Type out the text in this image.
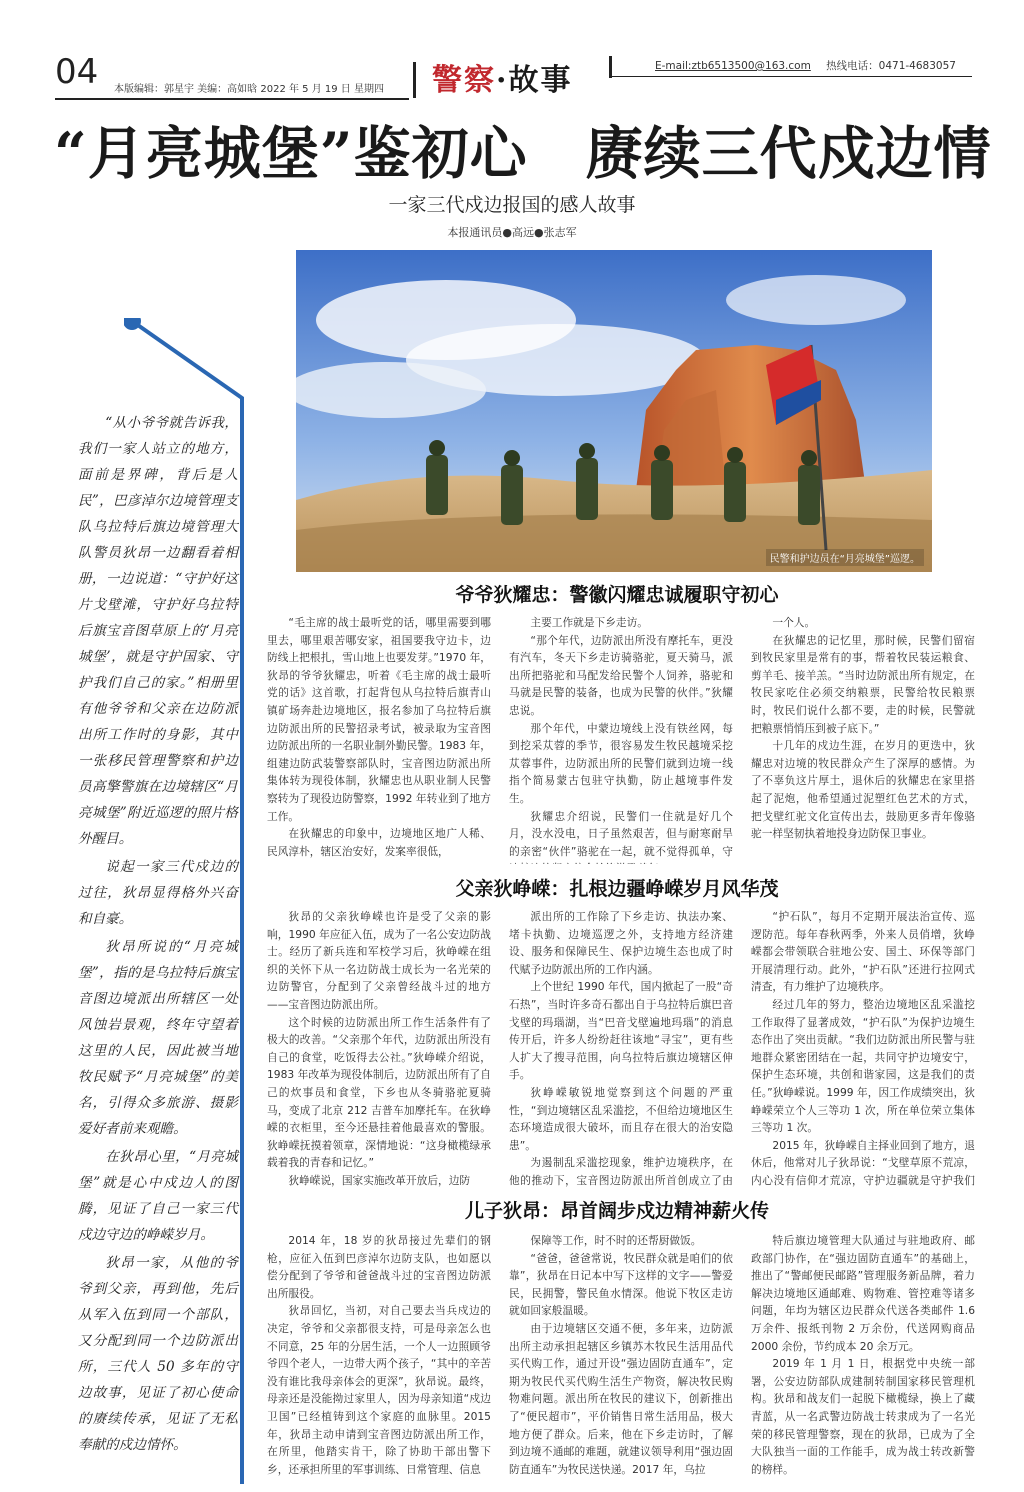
04 本版编辑：郭星宇 美编：高如晗 2022 年 5 月 19 日 星期四 警察·故事	E-mail:ztb6513500@163.com 热线电话：0471-4683057
“月亮城堡”鉴初心　赓续三代戍边情
一家三代戍边报国的感人故事
本报通讯员●高远●张志军
民警和护边员在“月亮城堡”巡逻。

“从小爷爷就告诉我，我们一家人站立的地方，面前是界碑，背后是人民”，巴彦淖尔边境管理支队乌拉特后旗边境管理大队警员狄昂一边翻看着相册，一边说道：“守护好这片戈壁滩，守护好乌拉特后旗宝音图草原上的‘月亮城堡’，就是守护国家、守护我们自己的家。”相册里有他爷爷和父亲在边防派出所工作时的身影，其中一张移民管理警察和护边员高擎警旗在边境辖区“月亮城堡”附近巡逻的照片格外醒目。

说起一家三代戍边的过往，狄昂显得格外兴奋和自豪。

狄昂所说的“月亮城堡”，指的是乌拉特后旗宝音图边境派出所辖区一处风蚀岩景观，终年守望着这里的人民，因此被当地牧民赋予“月亮城堡”的美名，引得众多旅游、摄影爱好者前来观瞻。

在狄昂心里，“月亮城堡”就是心中戍边人的图腾，见证了自己一家三代戍边守边的峥嵘岁月。

狄昂一家，从他的爷爷到父亲，再到他，先后从军入伍到同一个部队，又分配到同一个边防派出所，三代人 50 多年的守边故事，见证了初心使命的赓续传承，见证了无私奉献的戍边情怀。

爷爷狄耀忠：警徽闪耀忠诚履职守初心

“毛主席的战士最听党的话，哪里需要到哪里去，哪里艰苦哪安家，祖国要我守边卡，边防线上把根扎，雪山地上也要发芽。”1970 年，狄昂的爷爷狄耀忠，听着《毛主席的战士最听党的话》这首歌，打起背包从乌拉特后旗青山镇矿场奔赴边境地区，报名参加了乌拉特后旗边防派出所的民警招录考试，被录取为宝音图边防派出所的一名职业制外勤民警。1983 年，组建边防武装警察部队时，宝音图边防派出所集体转为现役体制，狄耀忠也从职业制人民警察转为了现役边防警察，1992 年转业到了地方工作。

在狄耀忠的印象中，边境地区地广人稀、民风淳朴，辖区治安好，发案率很低，

主要工作就是下乡走访。

“那个年代，边防派出所没有摩托车，更没有汽车，冬天下乡走访骑骆驼，夏天骑马，派出所把骆驼和马配发给民警个人饲养，骆驼和马就是民警的装备，也成为民警的伙伴。”狄耀忠说。

那个年代，中蒙边境线上没有铁丝网，每到挖采苁蓉的季节，很容易发生牧民越境采挖苁蓉事件，边防派出所的民警们就到边境一线指个简易蒙古包驻守执勤，防止越境事件发生。

狄耀忠介绍说，民警们一住就是好几个月，没水没电，日子虽然艰苦，但与耐寒耐旱的亲密“伙伴”骆驼在一起，就不觉得孤单，守

一个人。

在狄耀忠的记忆里，那时候，民警们留宿到牧民家里是常有的事，帮着牧民装运粮食、剪羊毛、接羊羔。“当时边防派出所有规定，在牧民家吃住必须交纳粮票，民警给牧民粮票时，牧民们说什么都不要，走的时候，民警就把粮票悄悄压到被子底下。”

十几年的戍边生涯，在岁月的更迭中，狄耀忠对边境的牧民群众产生了深厚的感情。为了不辜负这片厚土，退休后的狄耀忠在家里搭起了泥炮，他希望通过泥塑红色艺术的方式，把戈壁红驼文化宣传出去，鼓励更多青年像骆驼一样坚韧执着地投身边防保卫事业。

父亲狄峥嵘：扎根边疆峥嵘岁月风华茂

狄昂的父亲狄峥嵘也许是受了父亲的影响，1990 年应征入伍，成为了一名公安边防战士。经历了新兵连和军校学习后，狄峥嵘在组织的关怀下从一名边防战士成长为一名光荣的边防警官，分配到了父亲曾经战斗过的地方——宝音图边防派出所。

这个时候的边防派出所工作生活条件有了极大的改善。“父亲那个年代，边防派出所没有自己的食堂，吃饭得去公社。”狄峥嵘介绍说，1983 年改革为现役体制后，边防派出所有了自己的炊事员和食堂，下乡也从冬骑骆驼夏骑马，变成了北京 212 吉普车加摩托车。在狄峥嵘的衣柜里，至今还悬挂着他最喜欢的警服。狄峥嵘抚摸着领章，深情地说：“这身橄榄绿承载着我的青春和记忆。”

狄峥嵘说，国家实施改革开放后，边防

派出所的工作除了下乡走访、执法办案、堵卡执勤、边境巡逻之外，支持地方经济建设、服务和保障民生、保护边境生态也成了时代赋予边防派出所的工作内涵。

上个世纪 1990 年代，国内掀起了一股“奇石热”，当时许多奇石都出自于乌拉特后旗巴音戈壁的玛瑙湖，当“巴音戈壁遍地玛瑙”的消息传开后，许多人纷纷赶往该地“寻宝”，更有些人扩大了搜寻范围，向乌拉特后旗边境辖区伸手。

狄峥嵘敏锐地觉察到这个问题的严重性，“到边境辖区乱采滥挖，不但给边境地区生态环境造成很大破坏，而且存在很大的治安隐患”。

为遏制乱采滥挖现象，维护边境秩序，在他的推动下，宝音图边防派出所首创成立了由

“护石队”，每月不定期开展法治宣传、巡逻防范。每年春秋两季，外来人员俏增，狄峥嵘都会带领联合驻地公安、国土、环保等部门开展清理行动。此外，“护石队”还进行拉网式清查，有力维护了边境秩序。

经过几年的努力，整治边境地区乱采滥挖工作取得了显著成效，“护石队”为保护边境生态作出了突出贡献。“我们边防派出所民警与驻地群众紧密团结在一起，共同守护边境安宁，保护生态环境，共创和谐家园，这是我们的责任。”狄峥嵘说。1999 年，因工作成绩突出，狄峥嵘荣立个人三等功 1 次，所在单位荣立集体三等功 1 次。

2015 年，狄峥嵘自主择业回到了地方，退休后，他常对儿子狄昂说：“戈壁草原不荒凉，内心没有信仰才荒凉，守护边疆就是守护我们

儿子狄昂：昂首阔步戍边精神薪火传

2014 年，18 岁的狄昂接过先辈们的钢枪，应征入伍到巴彦淖尔边防支队，也如愿以偿分配到了爷爷和爸爸战斗过的宝音图边防派出所服役。

狄昂回忆，当初，对自己要去当兵戍边的决定，爷爷和父亲都很支持，可是母亲怎么也不同意，25 年的分居生活，一个人一边照顾爷爷四个老人，一边带大两个孩子，“其中的辛苦没有谁比我母亲体会的更深”，狄昂说。最终，母亲还是没能拗过家里人，因为母亲知道“戍边卫国”已经植铸到这个家庭的血脉里。2015 年，狄昂主动申请到宝音图边防派出所工作，在所里，他踏实肯干，除了协助干部出警下乡，还承担所里的军事训练、日常管理、信息

保障等工作，时不时的还帮厨做饭。

“爸爸，爸爸常说，牧民群众就是咱们的依靠”，狄昂在日记本中写下这样的文字——警爱民，民拥警，警民鱼水情深。他说下牧区走访就如回家般温暖。

由于边境辖区交通不便，多年来，边防派出所主动承担起辖区乡镇苏木牧民生活用品代买代购工作，通过开设“强边固防直通车”，定期为牧民代买代购生活生产物资，解决牧民购物难问题。派出所在牧民的建议下，创新推出了“便民超市”，平价销售日常生活用品，极大地方便了群众。后来，他在下乡走访时，了解到边境不通邮的难题，就建议领导利用“强边固防直通车”为牧民送快递。2017 年，乌拉

特后旗边境管理大队通过与驻地政府、邮政部门协作，在“强边固防直通车”的基础上，推出了“警邮便民邮路”管理服务新品牌，着力解决边境地区通邮难、购物难、管控难等诸多问题，年均为辖区边民群众代送各类邮件 1.6 万余件、报纸刊物 2 万余份，代送网购商品 2000 余份，节约成本 20 余万元。

2019 年 1 月 1 日，根据党中央统一部署，公安边防部队成建制转制国家移民管理机构。狄昂和战友们一起脱下橄榄绿，换上了藏青蓝，从一名武警边防战士转隶成为了一名光荣的移民管理警察，现在的狄昂，已成为了全大队独当一面的工作能手，成为战士转改新警的榜样。
